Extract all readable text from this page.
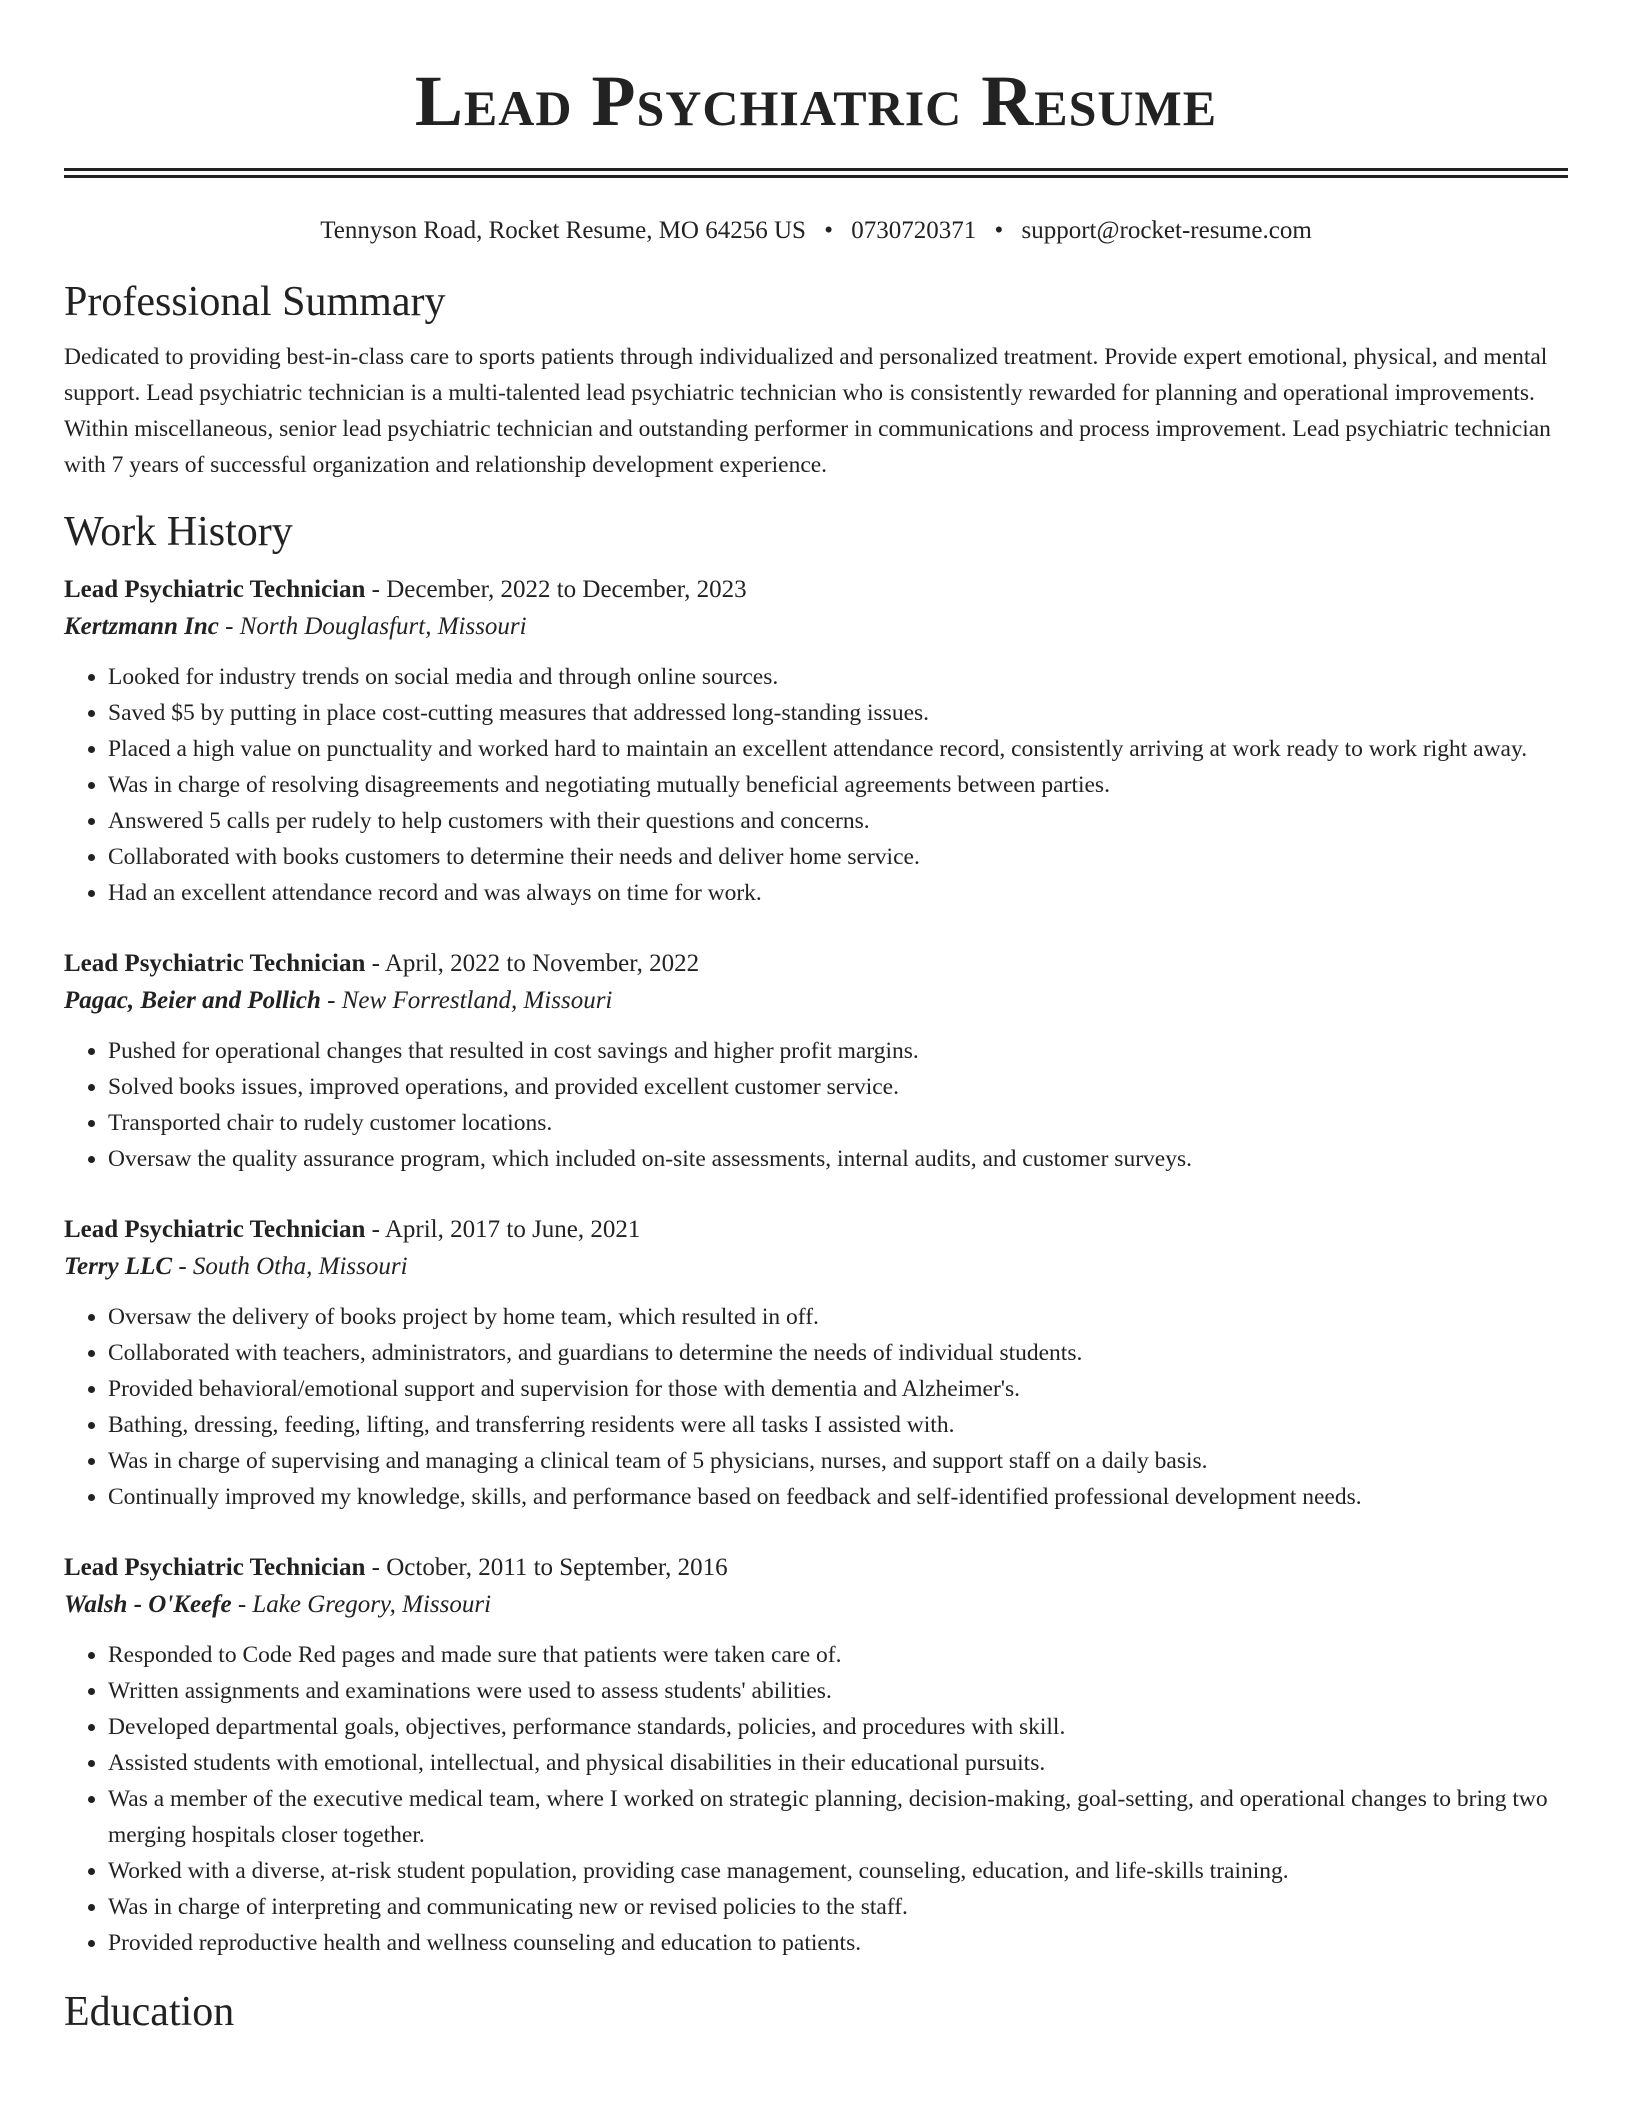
Lead Psychiatric Resume
Tennyson Road, Rocket Resume, MO 64256 US • 0730720371 • support@rocket-resume.com
Professional Summary

Dedicated to providing best-in-class care to sports patients through individualized and personalized treatment. Provide expert emotional, physical, and mental support. Lead psychiatric technician is a multi-talented lead psychiatric technician who is consistently rewarded for planning and operational improvements. Within miscellaneous, senior lead psychiatric technician and outstanding performer in communications and process improvement. Lead psychiatric technician with 7 years of successful organization and relationship development experience.

Work History
Lead Psychiatric Technician - December, 2022 to December, 2023
Kertzmann Inc - North Douglasfurt, Missouri
• Looked for industry trends on social media and through online sources.
• Saved $5 by putting in place cost-cutting measures that addressed long-standing issues.
• Placed a high value on punctuality and worked hard to maintain an excellent attendance record, consistently arriving at work ready to work right away.
• Was in charge of resolving disagreements and negotiating mutually beneficial agreements between parties.
• Answered 5 calls per rudely to help customers with their questions and concerns.
• Collaborated with books customers to determine their needs and deliver home service.
• Had an excellent attendance record and was always on time for work.
Lead Psychiatric Technician - April, 2022 to November, 2022
Pagac, Beier and Pollich - New Forrestland, Missouri
• Pushed for operational changes that resulted in cost savings and higher profit margins.
• Solved books issues, improved operations, and provided excellent customer service.
• Transported chair to rudely customer locations.
• Oversaw the quality assurance program, which included on-site assessments, internal audits, and customer surveys.
Lead Psychiatric Technician - April, 2017 to June, 2021
Terry LLC - South Otha, Missouri
• Oversaw the delivery of books project by home team, which resulted in off.
• Collaborated with teachers, administrators, and guardians to determine the needs of individual students.
• Provided behavioral/emotional support and supervision for those with dementia and Alzheimer's.
• Bathing, dressing, feeding, lifting, and transferring residents were all tasks I assisted with.
• Was in charge of supervising and managing a clinical team of 5 physicians, nurses, and support staff on a daily basis.
• Continually improved my knowledge, skills, and performance based on feedback and self-identified professional development needs.
Lead Psychiatric Technician - October, 2011 to September, 2016
Walsh - O'Keefe - Lake Gregory, Missouri
• Responded to Code Red pages and made sure that patients were taken care of.
• Written assignments and examinations were used to assess students' abilities.
• Developed departmental goals, objectives, performance standards, policies, and procedures with skill.
• Assisted students with emotional, intellectual, and physical disabilities in their educational pursuits.
• Was a member of the executive medical team, where I worked on strategic planning, decision-making, goal-setting, and operational changes to bring two merging hospitals closer together.
• Worked with a diverse, at-risk student population, providing case management, counseling, education, and life-skills training.
• Was in charge of interpreting and communicating new or revised policies to the staff.
• Provided reproductive health and wellness counseling and education to patients.
Education
